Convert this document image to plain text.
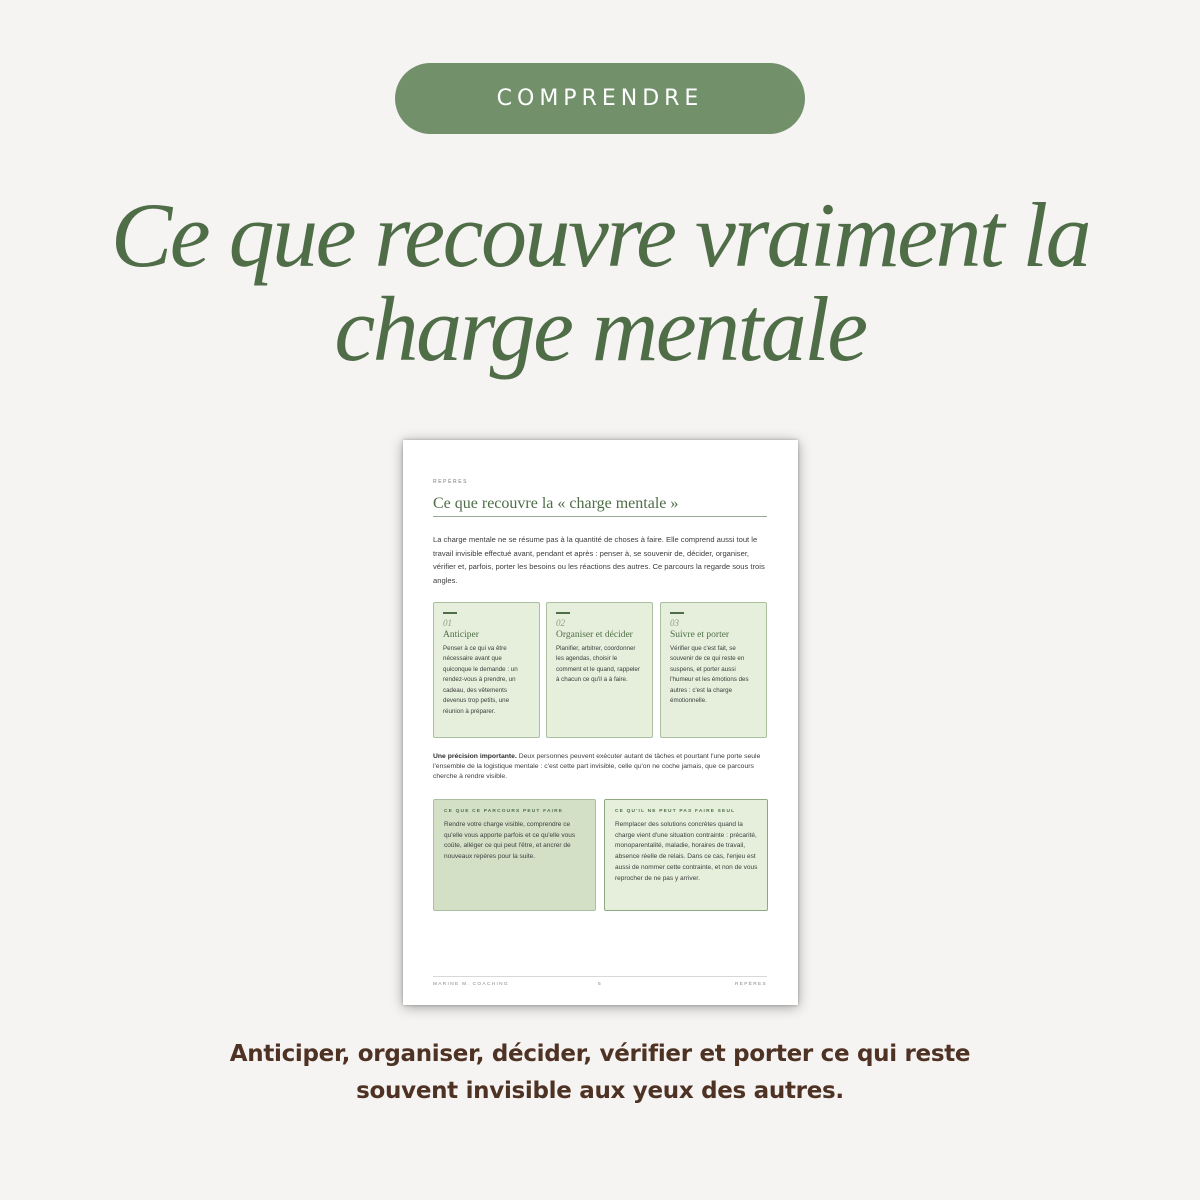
COMPRENDRE
Ce que recouvre vraiment la
charge mentale
REPÈRES
Ce que recouvre la « charge mentale »
La charge mentale ne se résume pas à la quantité de choses à faire. Elle comprend aussi tout le travail invisible effectué avant, pendant et après : penser à, se souvenir de, décider, organiser, vérifier et, parfois, porter les besoins ou les réactions des autres. Ce parcours la regarde sous trois angles.
01
Anticiper
Penser à ce qui va être nécessaire avant que quiconque le demande : un rendez-vous à prendre, un cadeau, des vêtements devenus trop petits, une réunion à préparer.
02
Organiser et décider
Planifier, arbitrer, coordonner les agendas, choisir le comment et le quand, rappeler à chacun ce qu'il a à faire.
03
Suivre et porter
Vérifier que c'est fait, se souvenir de ce qui reste en suspens, et porter aussi l'humeur et les émotions des autres : c'est la charge émotionnelle.
Une précision importante. Deux personnes peuvent exécuter autant de tâches et pourtant l'une porte seule l'ensemble de la logistique mentale : c'est cette part invisible, celle qu'on ne coche jamais, que ce parcours cherche à rendre visible.
CE QUE CE PARCOURS PEUT FAIRE
Rendre votre charge visible, comprendre ce qu'elle vous apporte parfois et ce qu'elle vous coûte, alléger ce qui peut l'être, et ancrer de nouveaux repères pour la suite.
CE QU'IL NE PEUT PAS FAIRE SEUL
Remplacer des solutions concrètes quand la charge vient d'une situation contrainte : précarité, monoparentalité, maladie, horaires de travail, absence réelle de relais. Dans ce cas, l'enjeu est aussi de nommer cette contrainte, et non de vous reprocher de ne pas y arriver.
MARINE M. COACHING	5	REPÈRES
Anticiper, organiser, décider, vérifier et porter ce qui reste
souvent invisible aux yeux des autres.
